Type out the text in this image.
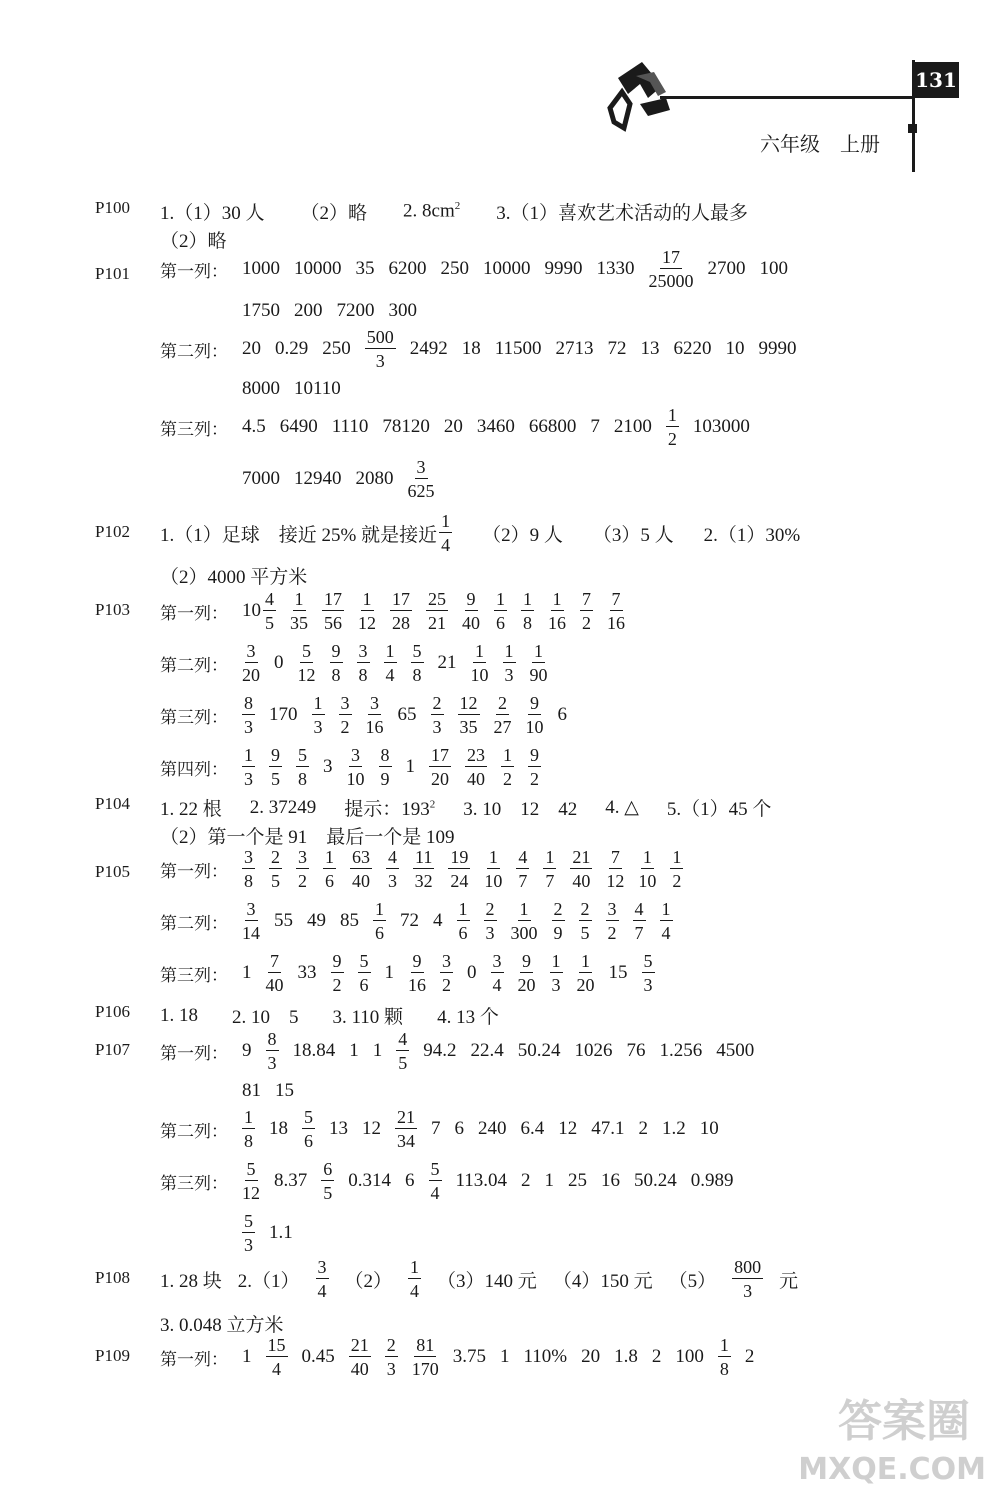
131
六年级 上册
P100 1.（1）30 人 （2）略 2. $8cm^2$ 3.（1）喜欢艺术活动的人最多
（2）略
P101 第一列： 1000 10000 35 6200 250 10000 9990 $1330 \frac{17}{25000} 2700$ 100
1750 200 7200 300
第二列： 20 0.29 $250 \frac{500}{3} 2492$ 18 11500 2713 72 13 6220 10 9990
8000 10110
第三列： 4.5 6490 1110 78120 20 3460 66800 7 $2100 \frac{1}{2} 103000$
7000 12940 $2080 \frac{3}{625}$
P102 1.（1）足球　接近 25% 就是接近 $\frac{1}{4} (2)9$ 人 （3）5 人 2.（1）30%
（2）4000 平方米
P103 第一列： $10 \frac{4}{5} \frac{1}{35} \frac{17}{56} \frac{1}{12} \frac{17}{28} \frac{25}{21} \frac{9}{40} \frac{1}{6} \frac{1}{8} \frac{1}{16} \frac{7}{2} \frac{7}{16}$
第二列： $\frac{3}{20} 0 \frac{5}{12} \frac{9}{8} \frac{3}{8} \frac{1}{4} \frac{5}{8} 21 \frac{1}{10} \frac{1}{3} \frac{1}{90}$
第三列： $\frac{8}{3} 170 \frac{1}{3} \frac{3}{2} \frac{3}{16} 65 \frac{2}{3} \frac{12}{35} \frac{2}{27} \frac{9}{10} 6$
第四列： $\frac{1}{3} \frac{9}{5} \frac{5}{8} 3 \frac{3}{10} \frac{8}{9} 1 \frac{17}{20} \frac{23}{40} \frac{1}{2} \frac{9}{2}$
P104 1. 22 根 2. 37249 提示：$193^2$ 3. 10　12　42 4. △ 5.（1）45 个
（2）第一个是 91　最后一个是 109
P105 第一列： $\frac{3}{8} \frac{2}{5} \frac{3}{2} \frac{1}{6} \frac{63}{40} \frac{4}{3} \frac{11}{32} \frac{19}{24} \frac{1}{10} \frac{4}{7} \frac{1}{7} \frac{21}{40} \frac{7}{12} \frac{1}{10} \frac{1}{2}$
第二列： $\frac{3}{14} 55$ 49 $85 \frac{1}{6} 72$ $4 \frac{1}{6} \frac{2}{3} \frac{1}{300} \frac{2}{9} \frac{2}{5} \frac{3}{2} \frac{4}{7} \frac{1}{4}$
第三列： $1 \frac{7}{40} 33 \frac{9}{2} \frac{5}{6} 1 \frac{9}{16} \frac{3}{2} 0 \frac{3}{4} \frac{9}{20} \frac{1}{3} \frac{1}{20} 15 \frac{5}{3}$
P106 1. 18 2. 10　5 3. 110 颗 4. 13 个
P107 第一列： $9 \frac{8}{3} 18.84$ 1 $1 \frac{4}{5} 94.2$ 22.4 50.24 1026 76 1.256 4500
81 15
第二列： $\frac{1}{8} 18 \frac{5}{6} 13$ $12 \frac{21}{34} 7$ 6 240 6.4 12 47.1 2 1.2 10
第三列： $\frac{5}{12} 8.37 \frac{6}{5} 0.314$ $6 \frac{5}{4} 113.04$ 2 1 25 16 50.24 0.989
$\frac{5}{3} 1.1$
P108 1. 28 块 $2.(1) \frac{3}{4} (2) \frac{1}{4} (3)140$ 元 （4）150 元 $(5) \frac{800}{3}$ 元
3. 0.048 立方米
P109 第一列： $1 \frac{15}{4} 0.45 \frac{21}{40} \frac{2}{3} \frac{81}{170} 3.75$ 1 110% 20 1.8 2 $100 \frac{1}{8} 2$
答案圈
MXQE.COM
